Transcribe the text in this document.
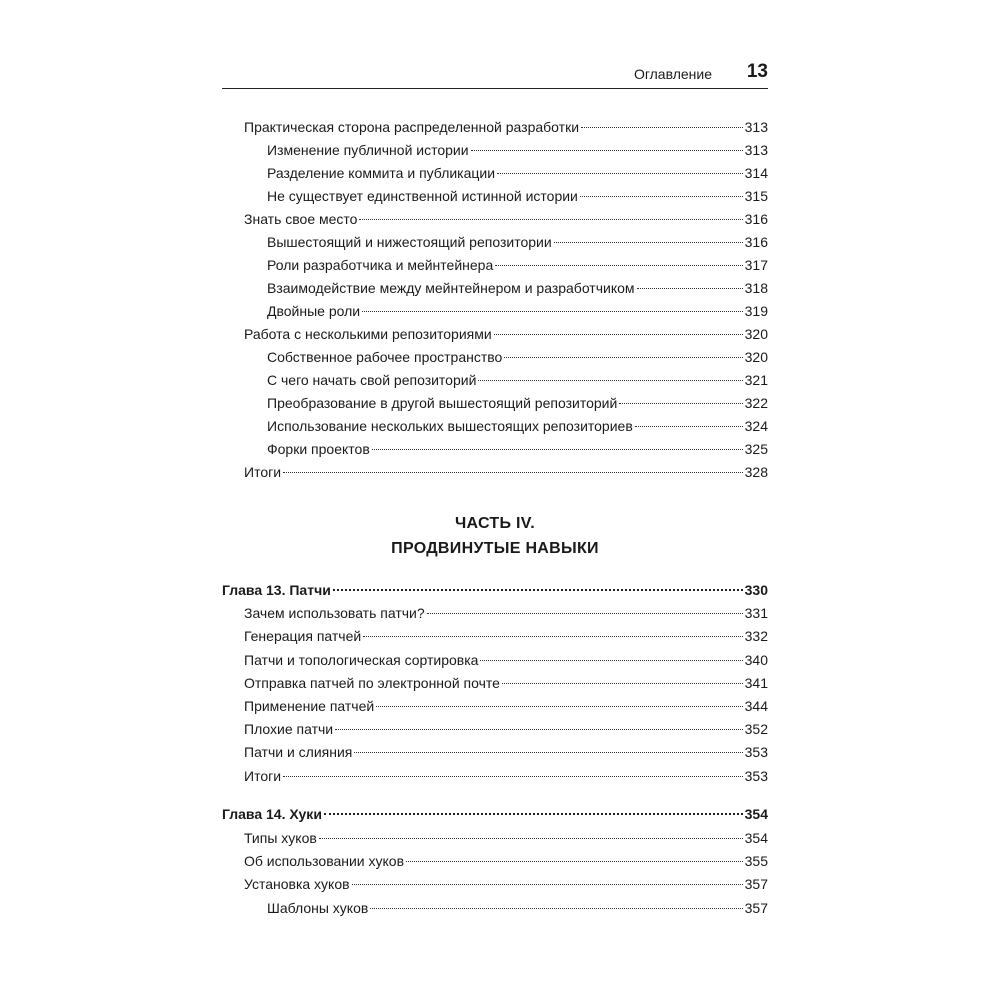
Оглавление 13
Практическая сторона распределенной разработки	313
Изменение публичной истории	313
Разделение коммита и публикации	314
Не существует единственной истинной истории	315
Знать свое место	316
Вышестоящий и нижестоящий репозитории	316
Роли разработчика и мейнтейнера	317
Взаимодействие между мейнтейнером и разработчиком	318
Двойные роли	319
Работа с несколькими репозиториями	320
Собственное рабочее пространство	320
С чего начать свой репозиторий	321
Преобразование в другой вышестоящий репозиторий	322
Использование нескольких вышестоящих репозиториев	324
Форки проектов	325
Итоги	328
ЧАСТЬ IV.
ПРОДВИНУТЫЕ НАВЫКИ
Глава 13. Патчи	330
Зачем использовать патчи?	331
Генерация патчей	332
Патчи и топологическая сортировка	340
Отправка патчей по электронной почте	341
Применение патчей	344
Плохие патчи	352
Патчи и слияния	353
Итоги	353
Глава 14. Хуки	354
Типы хуков	354
Об использовании хуков	355
Установка хуков	357
Шаблоны хуков	357
